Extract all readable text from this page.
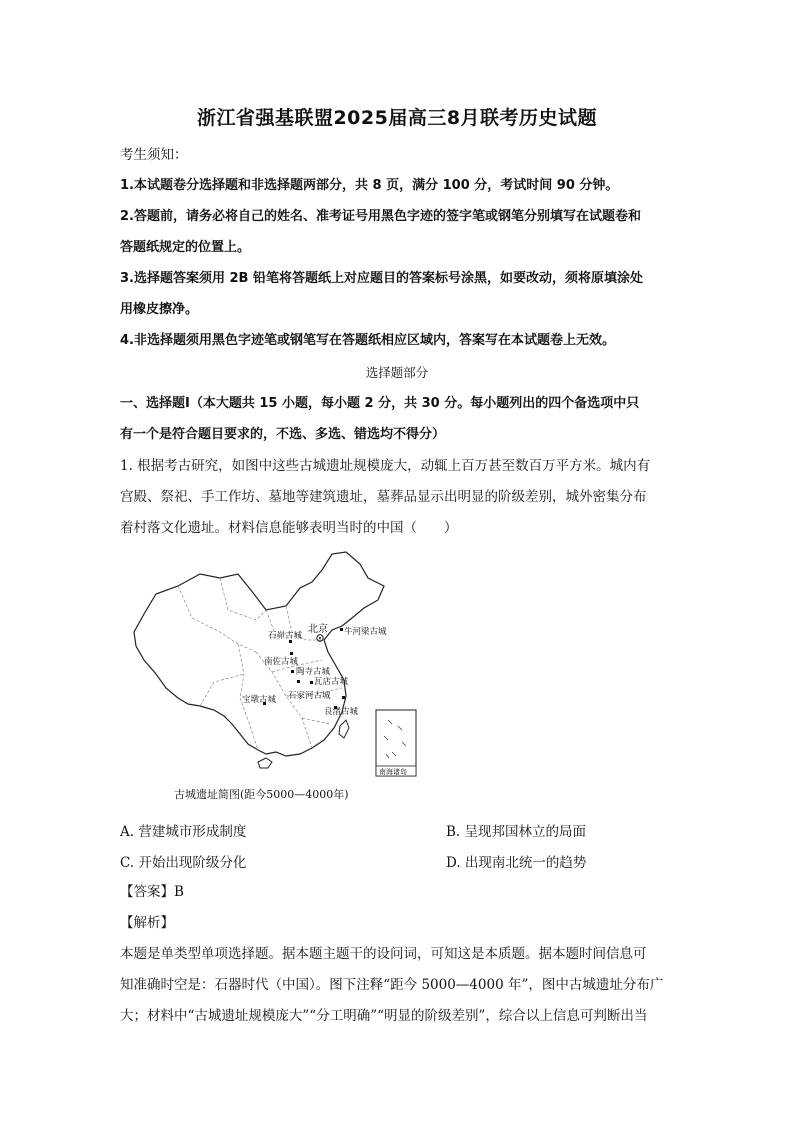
浙江省强基联盟2025届高三8月联考历史试题
考生须知：
1.本试题卷分选择题和非选择题两部分，共 8 页，满分 100 分，考试时间 90 分钟。
2.答题前，请务必将自己的姓名、准考证号用黑色字迹的签字笔或钢笔分别填写在试题卷和
答题纸规定的位置上。
3.选择题答案须用 2B 铅笔将答题纸上对应题目的答案标号涂黑，如要改动，须将原填涂处
用橡皮擦净。
4.非选择题须用黑色字迹笔或钢笔写在答题纸相应区域内，答案写在本试题卷上无效。
选择题部分
一、选择题Ⅰ（本大题共 15 小题，每小题 2 分，共 30 分。每小题列出的四个备选项中只
有一个是符合题目要求的，不选、多选、错选均不得分）
1. 根据考古研究，如图中这些古城遗址规模庞大，动辄上百万甚至数百万平方米。城内有
宫殿、祭祀、手工作坊、墓地等建筑遗址，墓葬品显示出明显的阶级差别，城外密集分布
着村落文化遗址。材料信息能够表明当时的中国（　　）
北京 牛河梁古城
石峁古城
南佐古城
陶寺古城
瓦店古城
宝墩古城 石家河古城
良渚古城
南海诸岛
古城遗址简图(距今5000—4000年)
A. 营建城市形成制度	B. 呈现邦国林立的局面
C. 开始出现阶级分化	D. 出现南北统一的趋势
【答案】B
【解析】
本题是单类型单项选择题。据本题主题干的设问词，可知这是本质题。据本题时间信息可
知准确时空是：石器时代（中国）。图下注释“距今 5000—4000 年”，图中古城遗址分布广
大；材料中“古城遗址规模庞大”“分工明确”“明显的阶级差别”，综合以上信息可判断出当
